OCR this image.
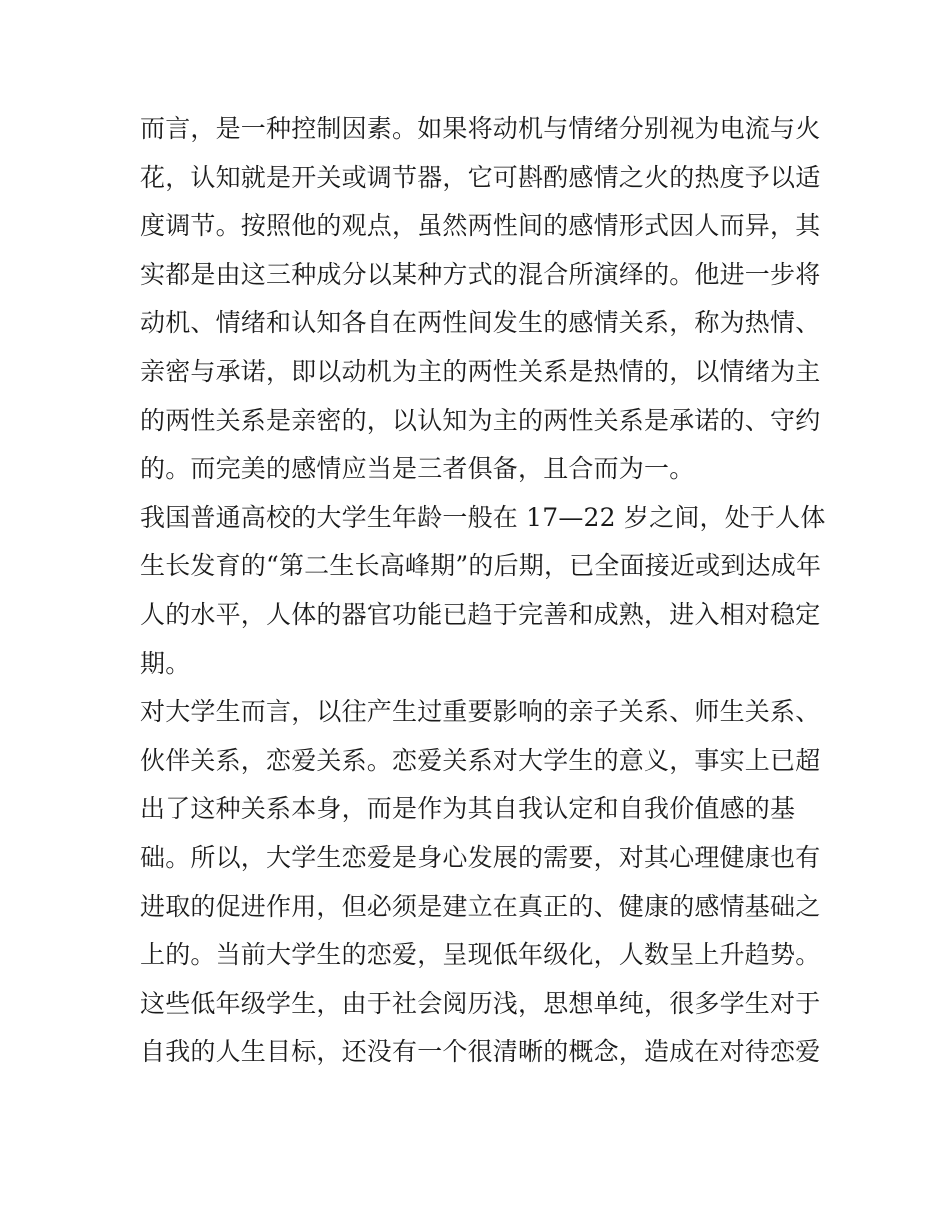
而言，是一种控制因素。如果将动机与情绪分别视为电流与火
花，认知就是开关或调节器，它可斟酌感情之火的热度予以适
度调节。按照他的观点，虽然两性间的感情形式因人而异，其
实都是由这三种成分以某种方式的混合所演绎的。他进一步将
动机、情绪和认知各自在两性间发生的感情关系，称为热情、
亲密与承诺，即以动机为主的两性关系是热情的，以情绪为主
的两性关系是亲密的，以认知为主的两性关系是承诺的、守约
的。而完美的感情应当是三者俱备，且合而为一。
我国普通高校的大学生年龄一般在 17—22 岁之间，处于人体
生长发育的“第二生长高峰期”的后期，已全面接近或到达成年
人的水平，人体的器官功能已趋于完善和成熟，进入相对稳定
期。
对大学生而言，以往产生过重要影响的亲子关系、师生关系、
伙伴关系，恋爱关系。恋爱关系对大学生的意义，事实上已超
出了这种关系本身，而是作为其自我认定和自我价值感的基
础。所以，大学生恋爱是身心发展的需要，对其心理健康也有
进取的促进作用，但必须是建立在真正的、健康的感情基础之
上的。当前大学生的恋爱，呈现低年级化，人数呈上升趋势。
这些低年级学生，由于社会阅历浅，思想单纯，很多学生对于
自我的人生目标，还没有一个很清晰的概念，造成在对待恋爱
